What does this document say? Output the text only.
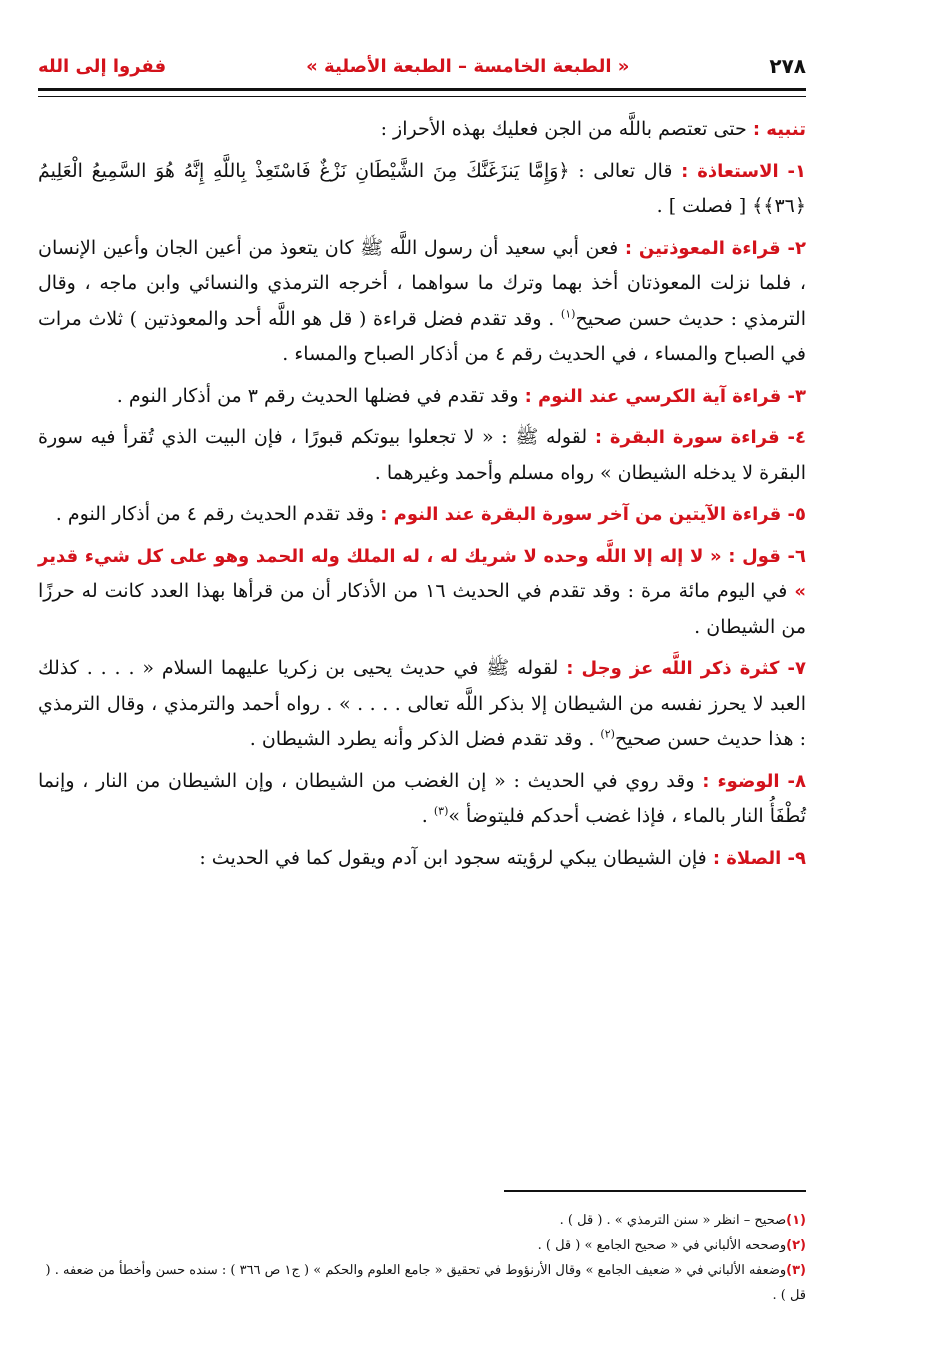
٢٧٨
« الطبعة الخامسة – الطبعة الأصلية »
ففروا إلى الله

تنبيه : حتى تعتصم باللَّه من الجن فعليك بهذه الأحراز :

١- الاستعاذة : قال تعالى : ﴿وَإِمَّا يَنزَغَنَّكَ مِنَ الشَّيْطَانِ نَزْغٌ فَاسْتَعِذْ بِاللَّهِ إِنَّهُ هُوَ السَّمِيعُ الْعَلِيمُ ﴿٣٦﴾﴾ [ فصلت ] .

٢- قراءة المعوذتين : فعن أبي سعيد أن رسول اللَّه ﷺ كان يتعوذ من أعين الجان وأعين الإنسان ، فلما نزلت المعوذتان أخذ بهما وترك ما سواهما ، أخرجه الترمذي والنسائي وابن ماجه ، وقال الترمذي : حديث حسن صحيح$^{(١)}$ . وقد تقدم فضل قراءة ( قل هو اللَّه أحد والمعوذتين ) ثلاث مرات في الصباح والمساء ، في الحديث رقم ٤ من أذكار الصباح والمساء .

٣- قراءة آية الكرسي عند النوم : وقد تقدم في فضلها الحديث رقم ٣ من أذكار النوم .

٤- قراءة سورة البقرة : لقوله ﷺ : « لا تجعلوا بيوتكم قبورًا ، فإن البيت الذي تُقرأ فيه سورة البقرة لا يدخله الشيطان » رواه مسلم وأحمد وغيرهما .

٥- قراءة الآيتين من آخر سورة البقرة عند النوم : وقد تقدم الحديث رقم ٤ من أذكار النوم .

٦- قول : « لا إله إلا اللَّه وحده لا شريك له ، له الملك وله الحمد وهو على كل شيء قدير » في اليوم مائة مرة : وقد تقدم في الحديث ١٦ من الأذكار أن من قرأها بهذا العدد كانت له حرزًا من الشيطان .

٧- كثرة ذكر اللَّه عز وجل : لقوله ﷺ في حديث يحيى بن زكريا عليهما السلام « . . . . كذلك العبد لا يحرز نفسه من الشيطان إلا بذكر اللَّه تعالى . . . . » . رواه أحمد والترمذي ، وقال الترمذي : هذا حديث حسن صحيح$^{(٢)}$ . وقد تقدم فضل الذكر وأنه يطرد الشيطان .

٨- الوضوء : وقد روي في الحديث : « إن الغضب من الشيطان ، وإن الشيطان من النار ، وإنما تُطْفَأُ النار بالماء ، فإذا غضب أحدكم فليتوضأ »$^{(٣)}$ .

٩- الصلاة : فإن الشيطان يبكي لرؤيته سجود ابن آدم ويقول كما في الحديث :

(١)صحيح – انظر « سنن الترمذي » . ( قل ) .

(٢)وصححه الألباني في « صحيح الجامع » ( قل ) .

(٣)وضعفه الألباني في « ضعيف الجامع » وقال الأرنؤوط في تحقيق « جامع العلوم والحكم » ( ج١ ص ٣٦٦ ) : سنده حسن وأخطأ من ضعفه . ( قل ) .
